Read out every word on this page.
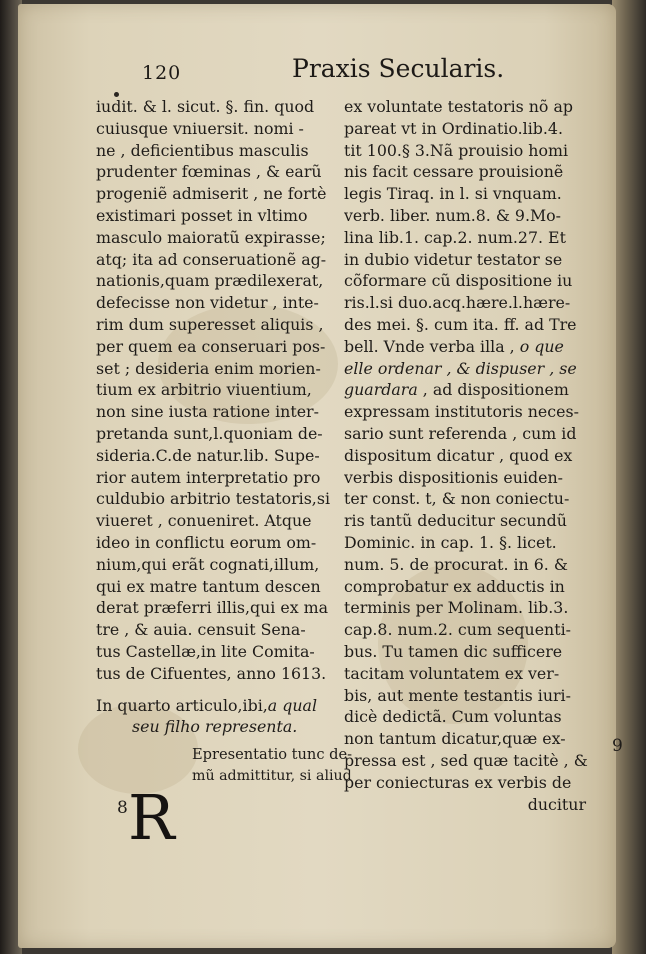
120	Praxis Secularis.
iudit. & l. sicut. §. fin. quod
cuiusque vniuersit. nomi -
ne , deficientibus masculis
prudenter fœminas , & earũ
progeniẽ admiserit , ne fortè
existimari posset in vltimo
masculo maioratũ expirasse;
atq; ita ad conseruationẽ ag-
nationis,quam prædilexerat,
defecisse non videtur , inte-
rim dum superesset aliquis ,
per quem ea conseruari pos-
set ; desideria enim morien-
tium ex arbitrio viuentium,
non sine iusta ratione inter-
pretanda sunt,l.quoniam de-
sideria.C.de natur.lib. Supe-
rior autem interpretatio pro
culdubio arbitrio testatoris,si
viueret , conueniret. Atque
ideo in conflictu eorum om-
nium,qui erãt cognati,illum,
qui ex matre tantum descen
derat præferri illis,qui ex ma
tre , & auia. censuit Sena-
tus Castellæ,in lite Comita-
tus de Cifuentes, anno 1613.
In quarto articulo,ibi,a qual
seu filho representa.
Epresentatio tunc de-
mũ admittitur, si aliud
R
ex voluntate testatoris nõ ap
pareat vt in Ordinatio.lib.4.
tit 100.§ 3.Nã prouisio homi
nis facit cessare prouisionẽ
legis Tiraq. in l. si vnquam.
verb. liber. num.8. & 9.Mo-
lina lib.1. cap.2. num.27. Et
in dubio videtur testator se
cõformare cũ dispositione iu
ris.l.si duo.acq.hære.l.hære-
des mei. §. cum ita. ff. ad Tre
bell. Vnde verba illa , o que
elle ordenar , & dispuser , se
guardara , ad dispositionem
expressam institutoris neces-
sario sunt referenda , cum id
dispositum dicatur , quod ex
verbis dispositionis euiden-
ter const. t, & non coniectu-
ris tantũ deducitur secundũ
Dominic. in cap. 1. §. licet.
num. 5. de procurat. in 6. &
comprobatur ex adductis in
terminis per Molinam. lib.3.
cap.8. num.2. cum sequenti-
bus. Tu tamen dic sufficere
tacitam voluntatem ex ver-
bis, aut mente testantis iuri-
dicè dedictã. Cum voluntas
non tantum dicatur,quæ ex-
pressa est , sed quæ tacitè , &
per coniecturas ex verbis de
ducitur
8
9
